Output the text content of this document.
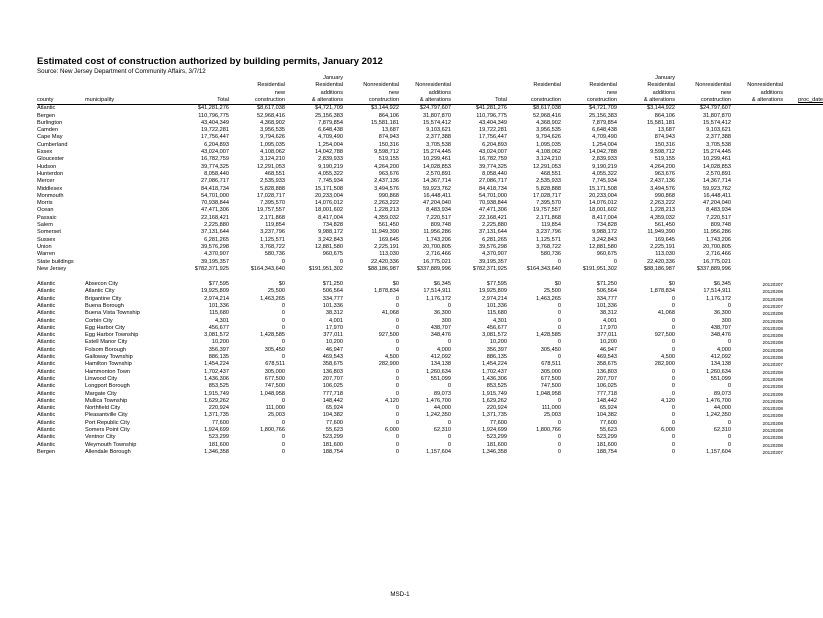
Estimated cost of construction authorized by building permits, January 2012
Source: New Jersey Department of Community Affairs, 3/7/12
				January						January			
			Residential	Residential	Nonresidential	Nonresidential		Residential	Residential	Residential	Nonresidential	Nonresidential	
			new	additions	new	additions			new	additions	new	additions	
county	municipality	Total	construction	& alterations	construction	& alterations	Total	construction	construction	& alterations	construction	& alterations	proc_date
Atlantic		$41,281,276	$8,617,038	$4,721,709	$3,144,922	$24,797,607	$41,281,276	$8,617,038	$4,721,709	$3,144,922	$24,797,607		
Bergen		110,796,775	52,968,416	25,156,383	864,106	31,807,870	110,796,775	52,968,416	25,156,383	864,106	31,807,870		
Burlington		43,404,349	4,368,902	7,879,854	15,581,181	15,574,412	43,404,349	4,368,902	7,879,854	15,581,181	15,574,412		
Camden		19,722,281	3,956,535	6,648,438	13,687	9,103,621	19,722,281	3,956,535	6,648,438	13,687	9,103,621		
Cape May		17,756,447	9,794,626	4,709,490	874,943	2,377,388	17,756,447	9,794,626	4,709,490	874,943	2,377,388		
Cumberland		6,204,893	1,095,035	1,254,004	150,316	3,705,538	6,204,893	1,095,035	1,254,004	150,316	3,705,538		
Essex		43,024,007	4,108,062	14,042,788	9,598,712	15,274,445	43,024,007	4,108,062	14,042,788	9,598,712	15,274,445		
Gloucester		16,782,759	3,124,210	2,839,933	519,155	10,299,461	16,782,759	3,124,210	2,839,933	519,155	10,299,461		
Hudson		39,774,325	12,291,053	9,190,219	4,264,200	14,028,853	39,774,325	12,291,053	9,190,219	4,264,200	14,028,853		
Hunterdon		8,058,440	468,551	4,055,322	963,676	2,570,891	8,058,440	468,551	4,055,322	963,676	2,570,891		
Mercer		27,086,717	2,535,933	7,745,934	2,437,136	14,367,714	27,086,717	2,535,933	7,745,934	2,437,136	14,367,714		
Middlesex		84,418,734	5,828,888	15,171,508	3,494,576	59,923,762	84,418,734	5,828,888	15,171,508	3,494,576	59,923,762		
Monmouth		54,701,000	17,028,717	20,233,004	990,868	16,448,411	54,701,000	17,028,717	20,233,004	990,868	16,448,411		
Morris		70,938,844	7,395,570	14,076,012	2,263,222	47,204,040	70,938,844	7,395,570	14,076,012	2,263,222	47,204,040		
Ocean		47,471,306	19,757,557	18,001,602	1,228,213	8,483,934	47,471,306	19,757,557	18,001,602	1,228,213	8,483,934		
Passaic		22,168,421	2,171,868	8,417,004	4,359,032	7,220,517	22,168,421	2,171,868	8,417,004	4,359,032	7,220,517		
Salem		2,225,880	119,854	734,828	561,450	809,748	2,225,880	119,854	734,828	561,450	809,748		
Somerset		37,131,644	3,237,796	9,988,172	11,949,390	11,956,286	37,131,644	3,237,796	9,988,172	11,949,390	11,956,286		
Sussex		6,281,265	1,125,571	3,242,843	169,645	1,743,206	6,281,265	1,125,571	3,242,843	169,645	1,743,206		
Union		39,576,298	3,768,722	12,881,580	2,225,191	20,700,805	39,576,298	3,768,722	12,881,580	2,225,191	20,700,805		
Warren		4,370,907	580,736	960,675	113,030	2,716,466	4,370,907	580,736	960,675	113,030	2,716,466		
State buildings		39,195,357	0	0	22,420,336	16,775,021	39,195,357	0	0	22,420,336	16,775,021		
New Jersey		$782,371,925	$164,343,640	$191,951,302	$88,186,987	$337,889,996	$782,371,925	$164,343,640	$191,951,302	$88,186,987	$337,889,996		

Atlantic	Absecon City	$77,595	$0	$71,250	$0	$6,345	$77,595	$0	$71,250	$0	$6,345	20120207	
Atlantic	Atlantic City	19,925,809	25,500	506,564	1,878,834	17,514,911	19,925,809	25,500	506,564	1,878,834	17,514,911	20120208	
Atlantic	Brigantine City	2,974,214	1,463,265	334,777	0	1,176,172	2,974,214	1,463,265	334,777	0	1,176,172	20120208	
Atlantic	Buena Borough	101,336	0	101,336	0	0	101,336	0	101,336	0	0	20120207	
Atlantic	Buena Vista Township	115,680	0	38,312	41,068	36,300	115,680	0	38,312	41,068	36,300	20120208	
Atlantic	Corbin City	4,301	0	4,001	0	300	4,301	0	4,001	0	300	20120208	
Atlantic	Egg Harbor City	456,677	0	17,970	0	438,707	456,677	0	17,970	0	438,707	20120208	
Atlantic	Egg Harbor Township	3,081,572	1,428,585	377,011	927,500	348,476	3,081,572	1,428,585	377,011	927,500	348,476	20120208	
Atlantic	Estell Manor City	10,200	0	10,200	0	0	10,200	0	10,200	0	0	20120208	
Atlantic	Folsom Borough	356,397	305,450	46,947	0	4,000	356,397	305,450	46,947	0	4,000	20120208	
Atlantic	Galloway Township	886,135	0	469,543	4,500	412,092	886,135	0	469,543	4,500	412,092	20120208	
Atlantic	Hamilton Township	1,454,224	678,511	358,675	282,900	134,138	1,454,224	678,511	358,675	282,900	134,138	20120207	
Atlantic	Hammonton Town	1,702,437	305,000	136,803	0	1,260,634	1,702,437	305,000	136,803	0	1,260,634	20120208	
Atlantic	Linwood City	1,436,306	677,500	207,707	0	551,099	1,436,306	677,500	207,707	0	551,099	20120208	
Atlantic	Longport Borough	853,525	747,500	106,025	0	0	853,525	747,500	106,025	0	0	20120208	
Atlantic	Margate City	1,915,749	1,048,958	777,718	0	89,073	1,915,749	1,048,958	777,718	0	89,073	20120209	
Atlantic	Mullica Township	1,629,262	0	148,442	4,120	1,476,700	1,629,262	0	148,442	4,120	1,476,700	20120208	
Atlantic	Northfield City	220,924	111,000	65,924	0	44,000	220,924	111,000	65,924	0	44,000	20120208	
Atlantic	Pleasantville City	1,371,735	25,003	104,382	0	1,242,350	1,371,735	25,003	104,382	0	1,242,350	20120208	
Atlantic	Port Republic City	77,600	0	77,600	0	0	77,600	0	77,600	0	0	20120208	
Atlantic	Somers Point City	1,924,699	1,800,766	55,623	6,000	62,310	1,924,699	1,800,766	55,623	6,000	62,310	20120208	
Atlantic	Ventnor City	523,299	0	523,299	0	0	523,299	0	523,299	0	0	20120208	
Atlantic	Weymouth Township	181,600	0	181,600	0	0	181,600	0	181,600	0	0	20120208	
Bergen	Allendale Borough	1,346,358	0	188,754	0	1,157,604	1,346,358	0	188,754	0	1,157,604	20120207	
MSD-1
